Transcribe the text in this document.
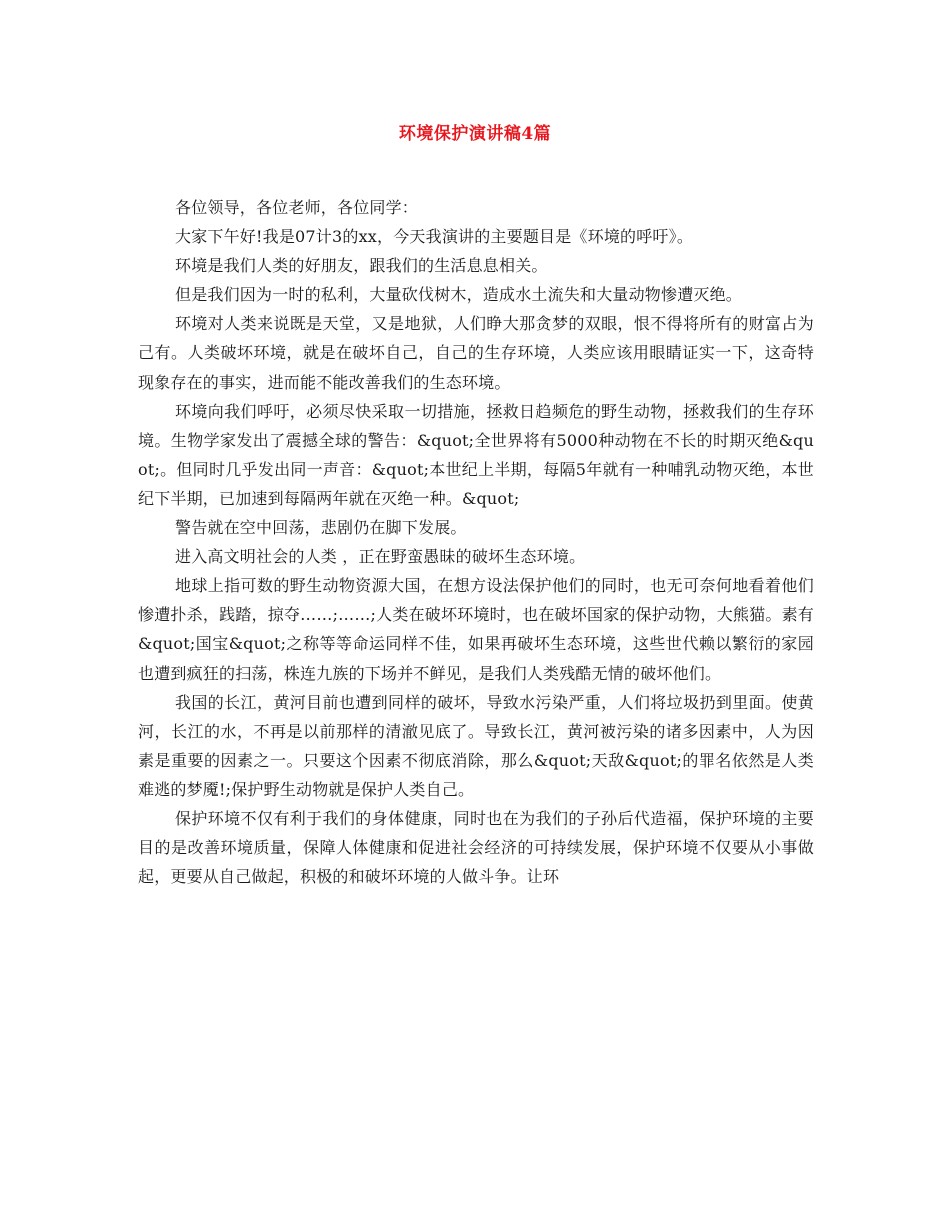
环境保护演讲稿4篇

各位领导，各位老师，各位同学：

大家下午好!我是07计3的xx，今天我演讲的主要题目是《环境的呼吁》。

环境是我们人类的好朋友，跟我们的生活息息相关。

但是我们因为一时的私利，大量砍伐树木，造成水土流失和大量动物惨遭灭绝。

环境对人类来说既是天堂，又是地狱，人们睁大那贪梦的双眼，恨不得将所有的财富占为己有。人类破坏环境，就是在破坏自己，自己的生存环境，人类应该用眼睛证实一下，这奇特现象存在的事实，进而能不能改善我们的生态环境。

环境向我们呼吁，必须尽快采取一切措施，拯救日趋频危的野生动物，拯救我们的生存环境。生物学家发出了震撼全球的警告：&quot;全世界将有5000种动物在不长的时期灭绝&quot;。但同时几乎发出同一声音：&quot;本世纪上半期，每隔5年就有一种哺乳动物灭绝，本世纪下半期，已加速到每隔两年就在灭绝一种。&quot;

警告就在空中回荡，悲剧仍在脚下发展。

进入高文明社会的人类 ，正在野蛮愚昧的破坏生态环境。

地球上指可数的野生动物资源大国，在想方设法保护他们的同时，也无可奈何地看着他们惨遭扑杀，践踏，掠夺……;……;人类在破坏环境时，也在破坏国家的保护动物，大熊猫。素有&quot;国宝&quot;之称等等命运同样不佳，如果再破坏生态环境，这些世代赖以繁衍的家园也遭到疯狂的扫荡，株连九族的下场并不鲜见，是我们人类残酷无情的破坏他们。

我国的长江，黄河目前也遭到同样的破坏，导致水污染严重，人们将垃圾扔到里面。使黄河，长江的水，不再是以前那样的清澈见底了。导致长江，黄河被污染的诸多因素中，人为因素是重要的因素之一。只要这个因素不彻底消除，那么&quot;天敌&quot;的罪名依然是人类难逃的梦魇!;保护野生动物就是保护人类自己。

保护环境不仅有利于我们的身体健康，同时也在为我们的子孙后代造福，保护环境的主要目的是改善环境质量，保障人体健康和促进社会经济的可持续发展，保护环境不仅要从小事做起，更要从自己做起，积极的和破坏环境的人做斗争。让环
